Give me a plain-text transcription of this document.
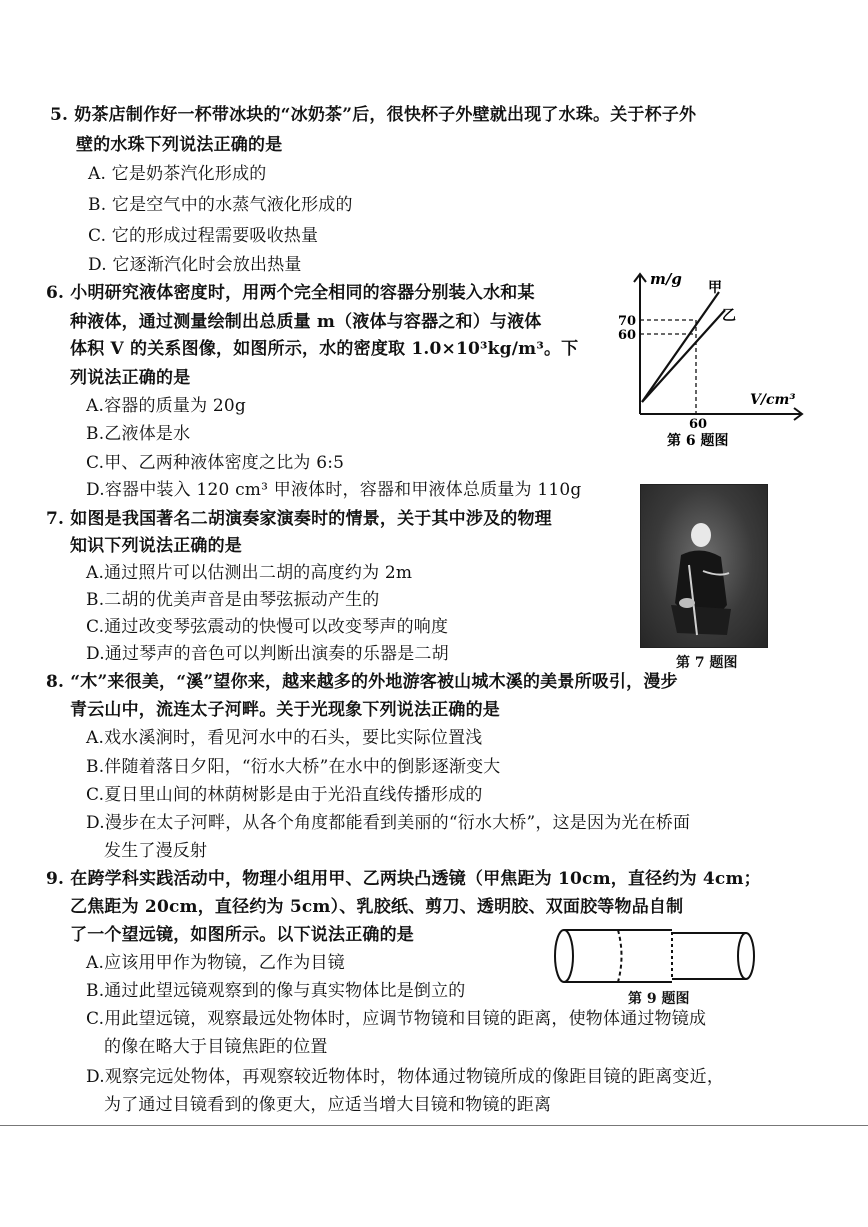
5. 奶茶店制作好一杯带冰块的“冰奶茶”后，很快杯子外壁就出现了水珠。关于杯子外
壁的水珠下列说法正确的是
A. 它是奶茶汽化形成的
B. 它是空气中的水蒸气液化形成的
C. 它的形成过程需要吸收热量
D. 它逐渐汽化时会放出热量
6. 小明研究液体密度时，用两个完全相同的容器分别装入水和某
种液体，通过测量绘制出总质量 m（液体与容器之和）与液体
体积 V 的关系图像，如图所示，水的密度取 1.0×10³kg/m³。下
列说法正确的是
A.容器的质量为 20g
B.乙液体是水
C.甲、乙两种液体密度之比为 6:5
D.容器中装入 120 cm³ 甲液体时，容器和甲液体总质量为 110g
m/g
V/cm³
70
60
60
甲
乙
第 6 题图
7. 如图是我国著名二胡演奏家演奏时的情景，关于其中涉及的物理
知识下列说法正确的是
A.通过照片可以估测出二胡的高度约为 2m
B.二胡的优美声音是由琴弦振动产生的
C.通过改变琴弦震动的快慢可以改变琴声的响度
D.通过琴声的音色可以判断出演奏的乐器是二胡	第 7 题图
8. “木”来很美，“溪”望你来，越来越多的外地游客被山城木溪的美景所吸引，漫步
青云山中，流连太子河畔。关于光现象下列说法正确的是
A.戏水溪涧时，看见河水中的石头，要比实际位置浅
B.伴随着落日夕阳，“衍水大桥”在水中的倒影逐渐变大
C.夏日里山间的林荫树影是由于光沿直线传播形成的
D.漫步在太子河畔，从各个角度都能看到美丽的“衍水大桥”，这是因为光在桥面
发生了漫反射
9. 在跨学科实践活动中，物理小组用甲、乙两块凸透镜（甲焦距为 10cm，直径约为 4cm；
乙焦距为 20cm，直径约为 5cm）、乳胶纸、剪刀、透明胶、双面胶等物品自制
了一个望远镜，如图所示。以下说法正确的是
A.应该用甲作为物镜，乙作为目镜
B.通过此望远镜观察到的像与真实物体比是倒立的
C.用此望远镜，观察最远处物体时，应调节物镜和目镜的距离，使物体通过物镜成
的像在略大于目镜焦距的位置
D.观察完远处物体，再观察较近物体时，物体通过物镜所成的像距目镜的距离变近，
为了通过目镜看到的像更大，应适当增大目镜和物镜的距离
第 9 题图
